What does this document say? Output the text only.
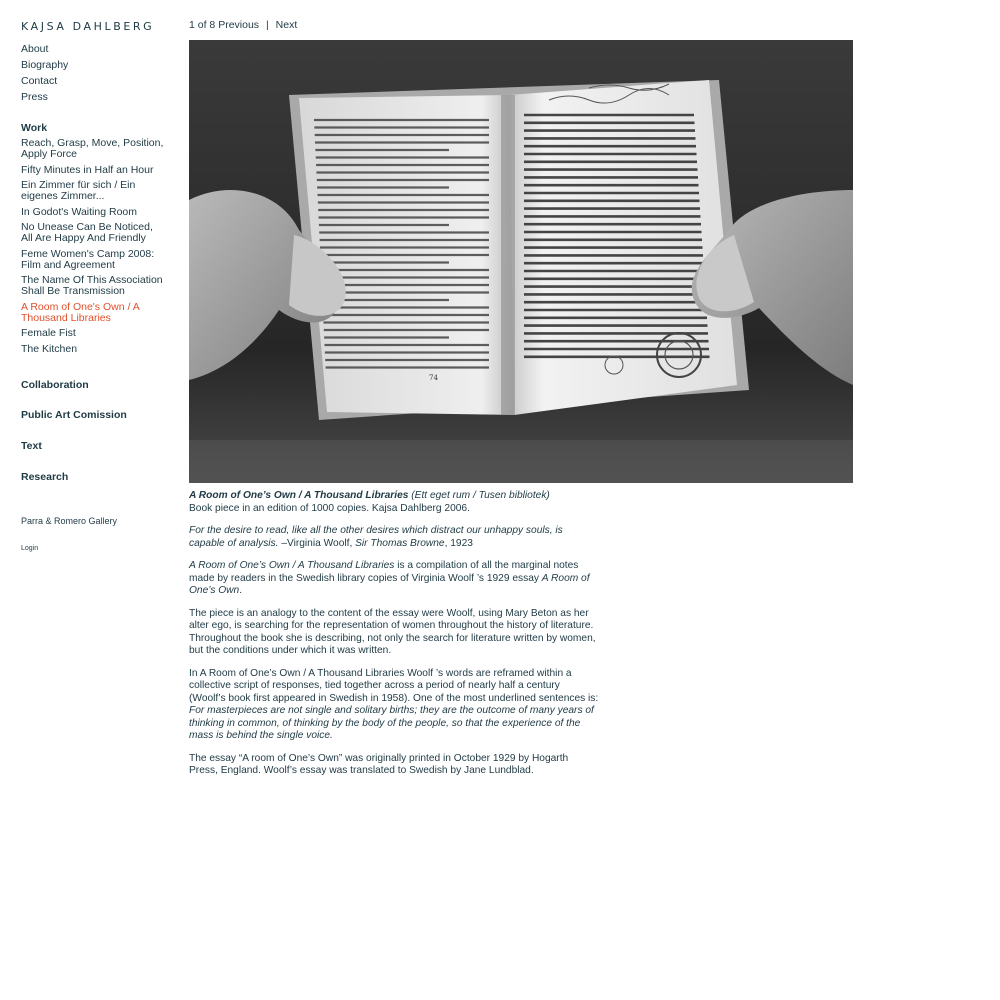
KAJSA DAHLBERG
About
Biography
Contact
Press
Work
Reach, Grasp, Move, Position, Apply Force
Fifty Minutes in Half an Hour
Ein Zimmer für sich / Ein eigenes Zimmer...
In Godot's Waiting Room
No Unease Can Be Noticed, All Are Happy And Friendly
Feme Women's Camp 2008: Film and Agreement
The Name Of This Association Shall Be Transmission
A Room of One's Own / A Thousand Libraries
Female Fist
The Kitchen
Collaboration
Public Art Comission
Text
Research
Parra & Romero Gallery
Login
1 of 8 Previous | Next
74

A Room of One’s Own / A Thousand Libraries (Ett eget rum / Tusen bibliotek)
Book piece in an edition of 1000 copies. Kajsa Dahlberg 2006.

For the desire to read, like all the other desires which distract our unhappy souls, is capable of analysis. –Virginia Woolf, Sir Thomas Browne, 1923

A Room of One’s Own / A Thousand Libraries is a compilation of all the marginal notes made by readers in the Swedish library copies of Virginia Woolf ’s 1929 essay A Room of One’s Own.

The piece is an analogy to the content of the essay were Woolf, using Mary Beton as her alter ego, is searching for the representation of women throughout the history of literature. Throughout the book she is describing, not only the search for literature written by women, but the conditions under which it was written.

In A Room of One’s Own / A Thousand Libraries Woolf ’s words are reframed within a collective script of responses, tied together across a period of nearly half a century (Woolf’s book first appeared in Swedish in 1958). One of the most underlined sentences is: For masterpieces are not single and solitary births; they are the outcome of many years of thinking in common, of thinking by the body of the people, so that the experience of the mass is behind the single voice.

The essay “A room of One’s Own” was originally printed in October 1929 by Hogarth Press, England. Woolf’s essay was translated to Swedish by Jane Lundblad.
